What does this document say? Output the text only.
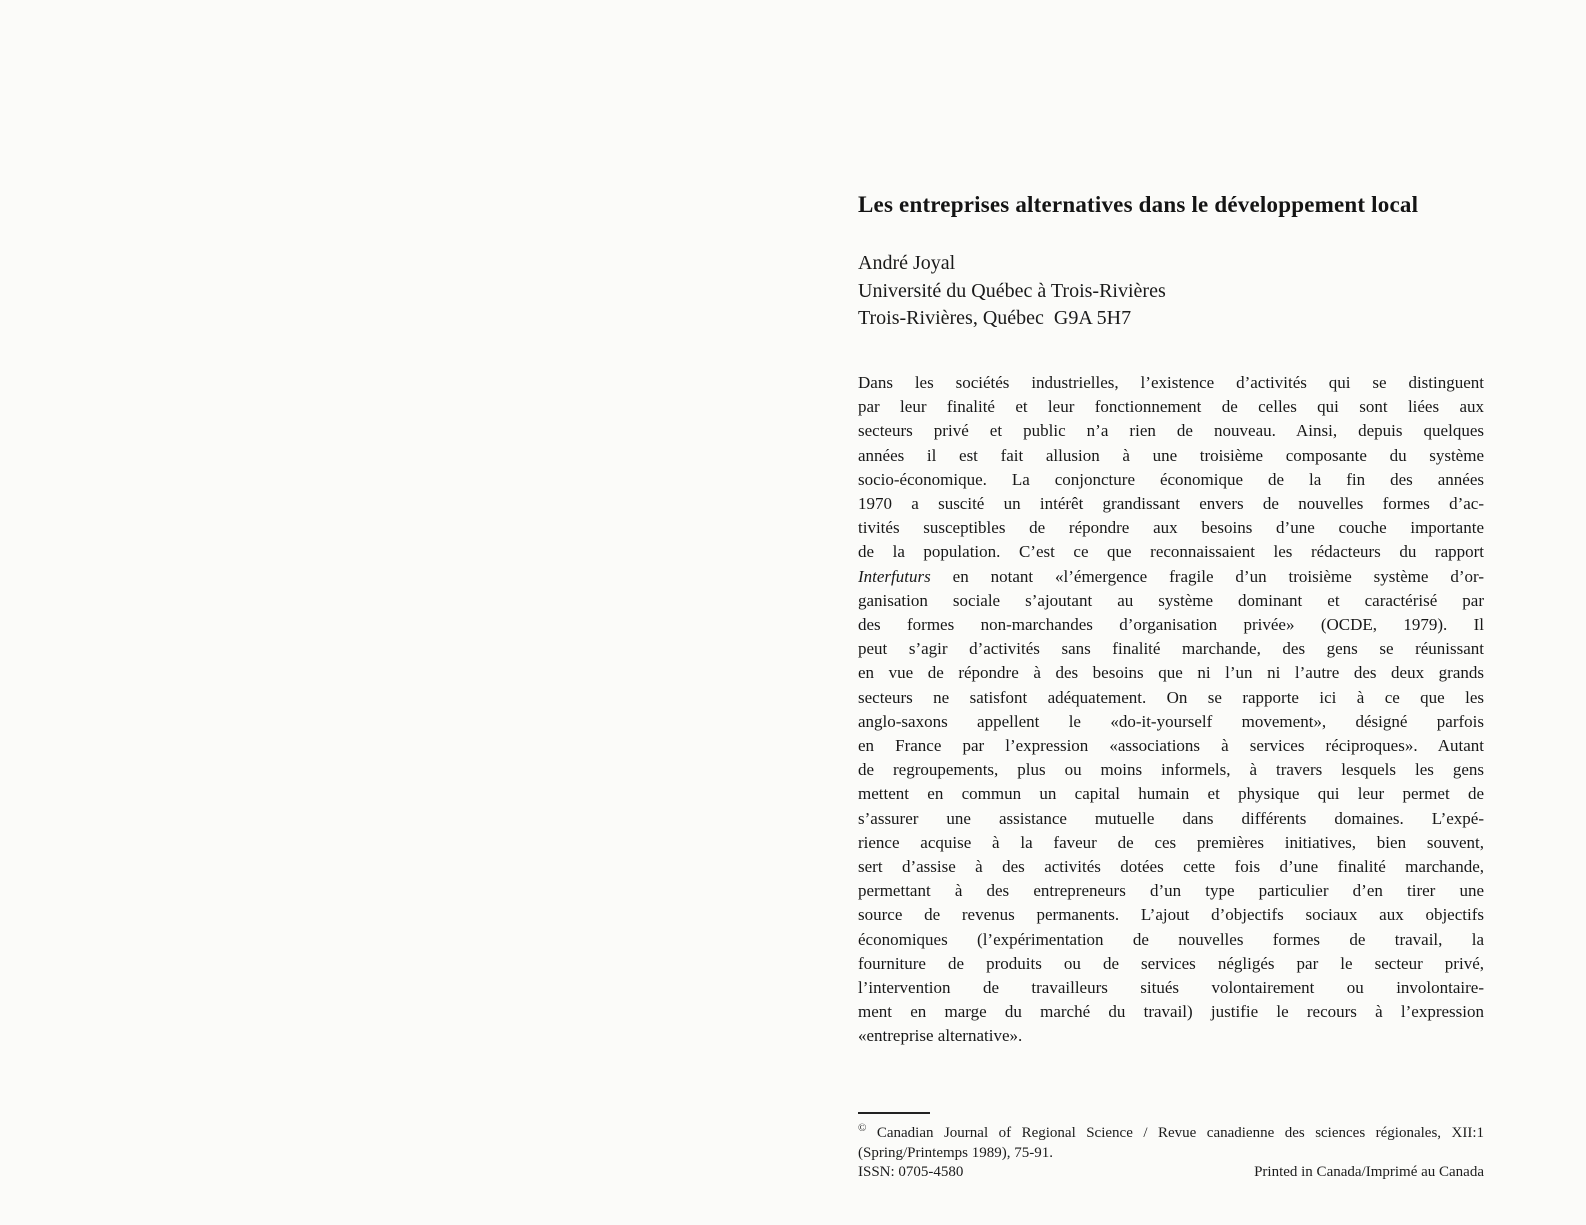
Les entreprises alternatives dans le développement local
André Joyal
Université du Québec à Trois-Rivières
Trois-Rivières, Québec  G9A 5H7
Dans les sociétés industrielles, l’existence d’activités qui se distinguent
par leur finalité et leur fonctionnement de celles qui sont liées aux
secteurs privé et public n’a rien de nouveau. Ainsi, depuis quelques
années il est fait allusion à une troisième composante du système
socio-économique. La conjoncture économique de la fin des années
1970 a suscité un intérêt grandissant envers de nouvelles formes d’ac-
tivités susceptibles de répondre aux besoins d’une couche importante
de la population. C’est ce que reconnaissaient les rédacteurs du rapport
Interfuturs en notant «l’émergence fragile d’un troisième système d’or-
ganisation sociale s’ajoutant au système dominant et caractérisé par
des formes non-marchandes d’organisation privée» (OCDE, 1979). Il
peut s’agir d’activités sans finalité marchande, des gens se réunissant
en vue de répondre à des besoins que ni l’un ni l’autre des deux grands
secteurs ne satisfont adéquatement. On se rapporte ici à ce que les
anglo-saxons appellent le «do-it-yourself movement», désigné parfois
en France par l’expression «associations à services réciproques». Autant
de regroupements, plus ou moins informels, à travers lesquels les gens
mettent en commun un capital humain et physique qui leur permet de
s’assurer une assistance mutuelle dans différents domaines. L’expé-
rience acquise à la faveur de ces premières initiatives, bien souvent,
sert d’assise à des activités dotées cette fois d’une finalité marchande,
permettant à des entrepreneurs d’un type particulier d’en tirer une
source de revenus permanents. L’ajout d’objectifs sociaux aux objectifs
économiques (l’expérimentation de nouvelles formes de travail, la
fourniture de produits ou de services négligés par le secteur privé,
l’intervention de travailleurs situés volontairement ou involontaire-
ment en marge du marché du travail) justifie le recours à l’expression
«entreprise alternative».
© Canadian Journal of Regional Science / Revue canadienne des sciences régionales, XII:1
(Spring/Printemps 1989), 75-91.
ISSN: 0705-4580	Printed in Canada/Imprimé au Canada
